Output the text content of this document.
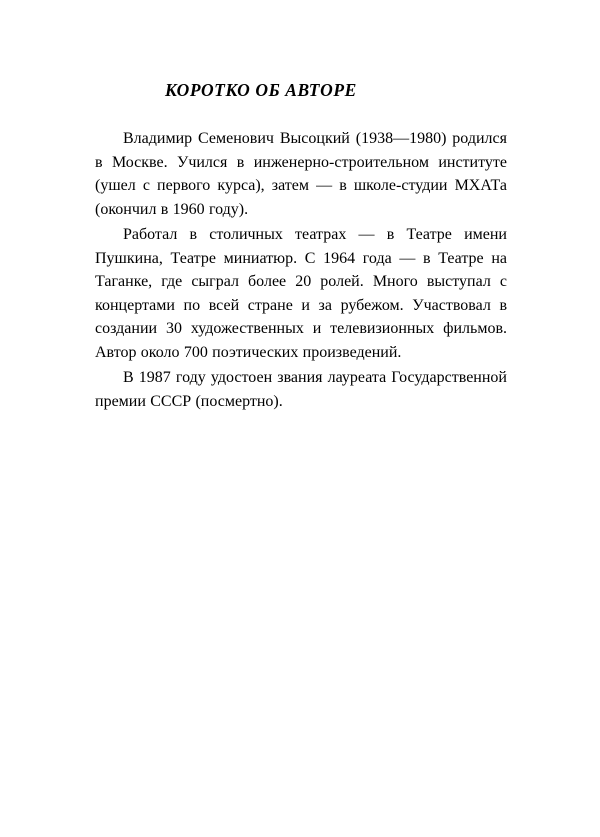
КОРОТКО ОБ АВТОРЕ

Владимир Семенович Высоцкий (1938—1980) родился в Москве. Учился в инженерно-строительном институте (ушел с первого курса), затем — в школе-студии МХАТа (окончил в 1960 году).

Работал в столичных театрах — в Театре имени Пушкина, Театре миниатюр. С 1964 года — в Театре на Таганке, где сыграл более 20 ролей. Много выступал с концертами по всей стране и за рубежом. Участвовал в создании 30 художественных и телевизионных фильмов. Автор около 700 поэтических произведений.

В 1987 году удостоен звания лауреата Государственной премии СССР (посмертно).
